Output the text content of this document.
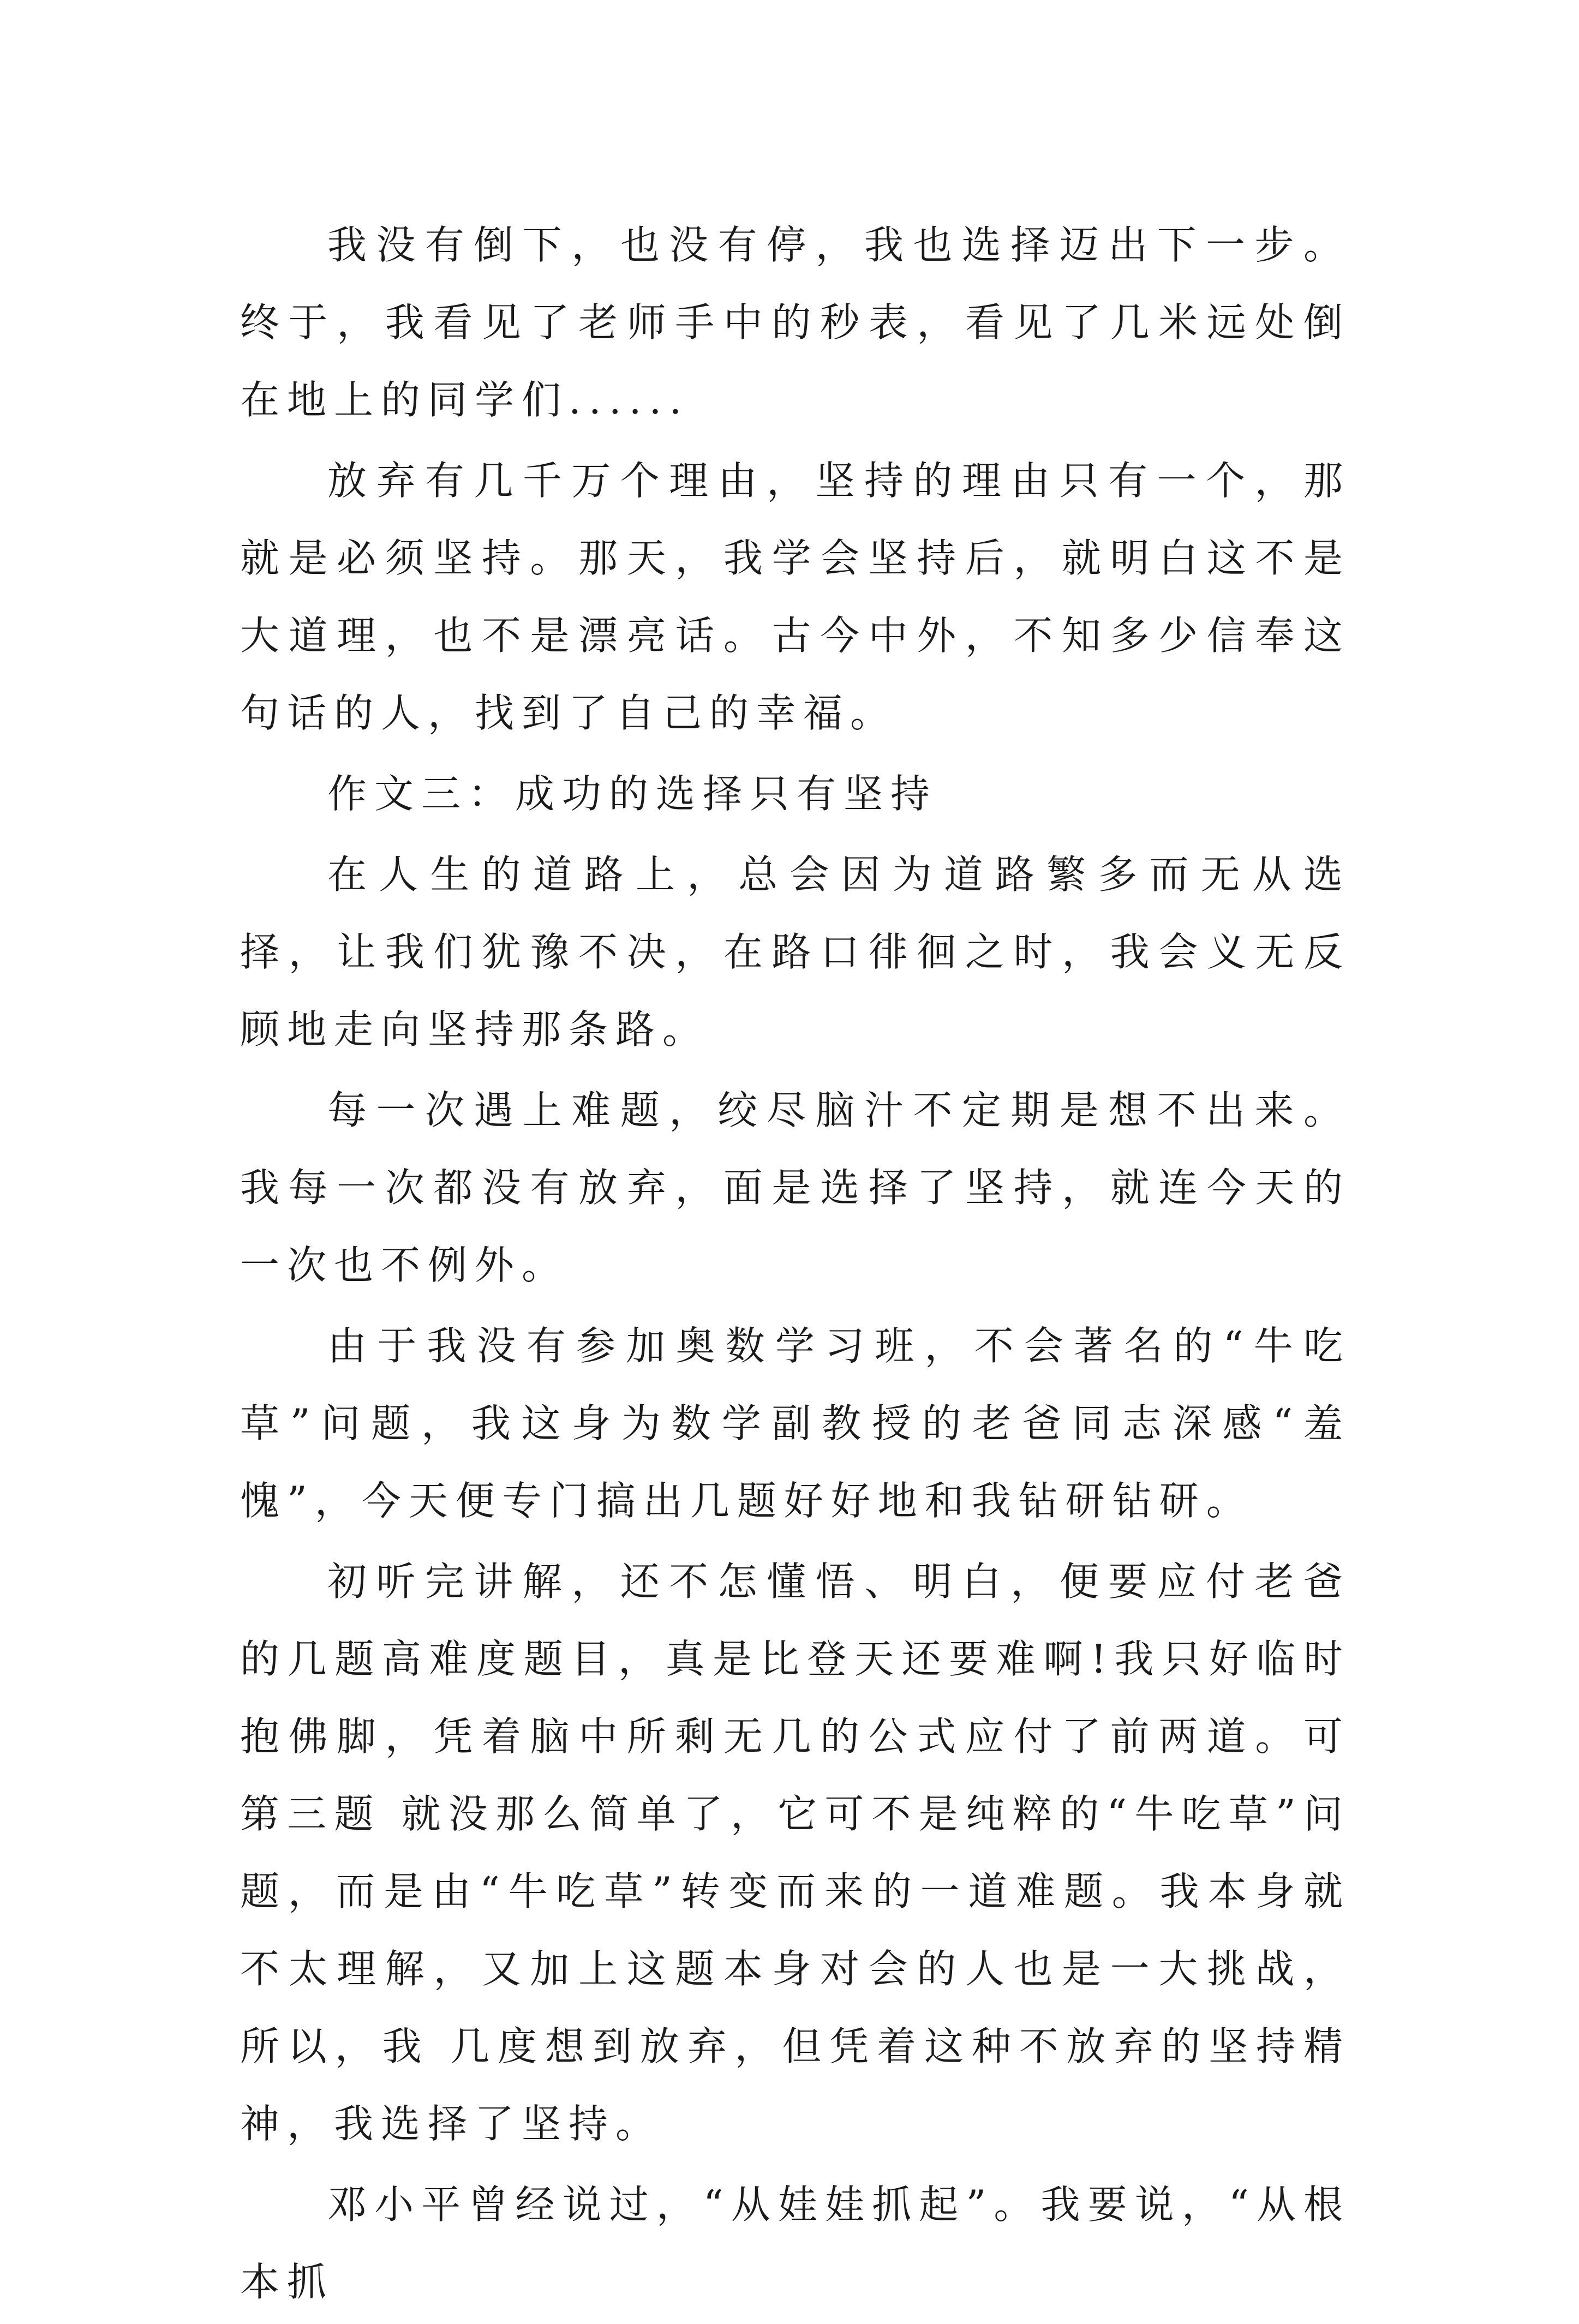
我没有倒下，也没有停，我也选择迈出下一步。终于，我看见了老师手中的秒表，看见了几米远处倒在地上的同学们......

放弃有几千万个理由，坚持的理由只有一个，那就是必须坚持。那天，我学会坚持后，就明白这不是大道理，也不是漂亮话。古今中外，不知多少信奉这句话的人，找到了自己的幸福。

作文三：成功的选择只有坚持

在人生的道路上，总会因为道路繁多而无从选择，让我们犹豫不决，在路口徘徊之时，我会义无反顾地走向坚持那条路。

每一次遇上难题，绞尽脑汁不定期是想不出来。我每一次都没有放弃，面是选择了坚持，就连今天的一次也不例外。

由于我没有参加奥数学习班，不会著名的“牛吃草”问题，我这身为数学副教授的老爸同志深感“羞愧”，今天便专门搞出几题好好地和我钻研钻研。

初听完讲解，还不怎懂悟、明白，便要应付老爸的几题高难度题目，真是比登天还要难啊!我只好临时抱佛脚，凭着脑中所剩无几的公式应付了前两道。可第三题 就没那么简单了，它可不是纯粹的“牛吃草”问题，而是由“牛吃草”转变而来的一道难题。我本身就不太理解，又加上这题本身对会的人也是一大挑战，所以，我 几度想到放弃，但凭着这种不放弃的坚持精神，我选择了坚持。

邓小平曾经说过，“从娃娃抓起”。我要说，“从根本抓
